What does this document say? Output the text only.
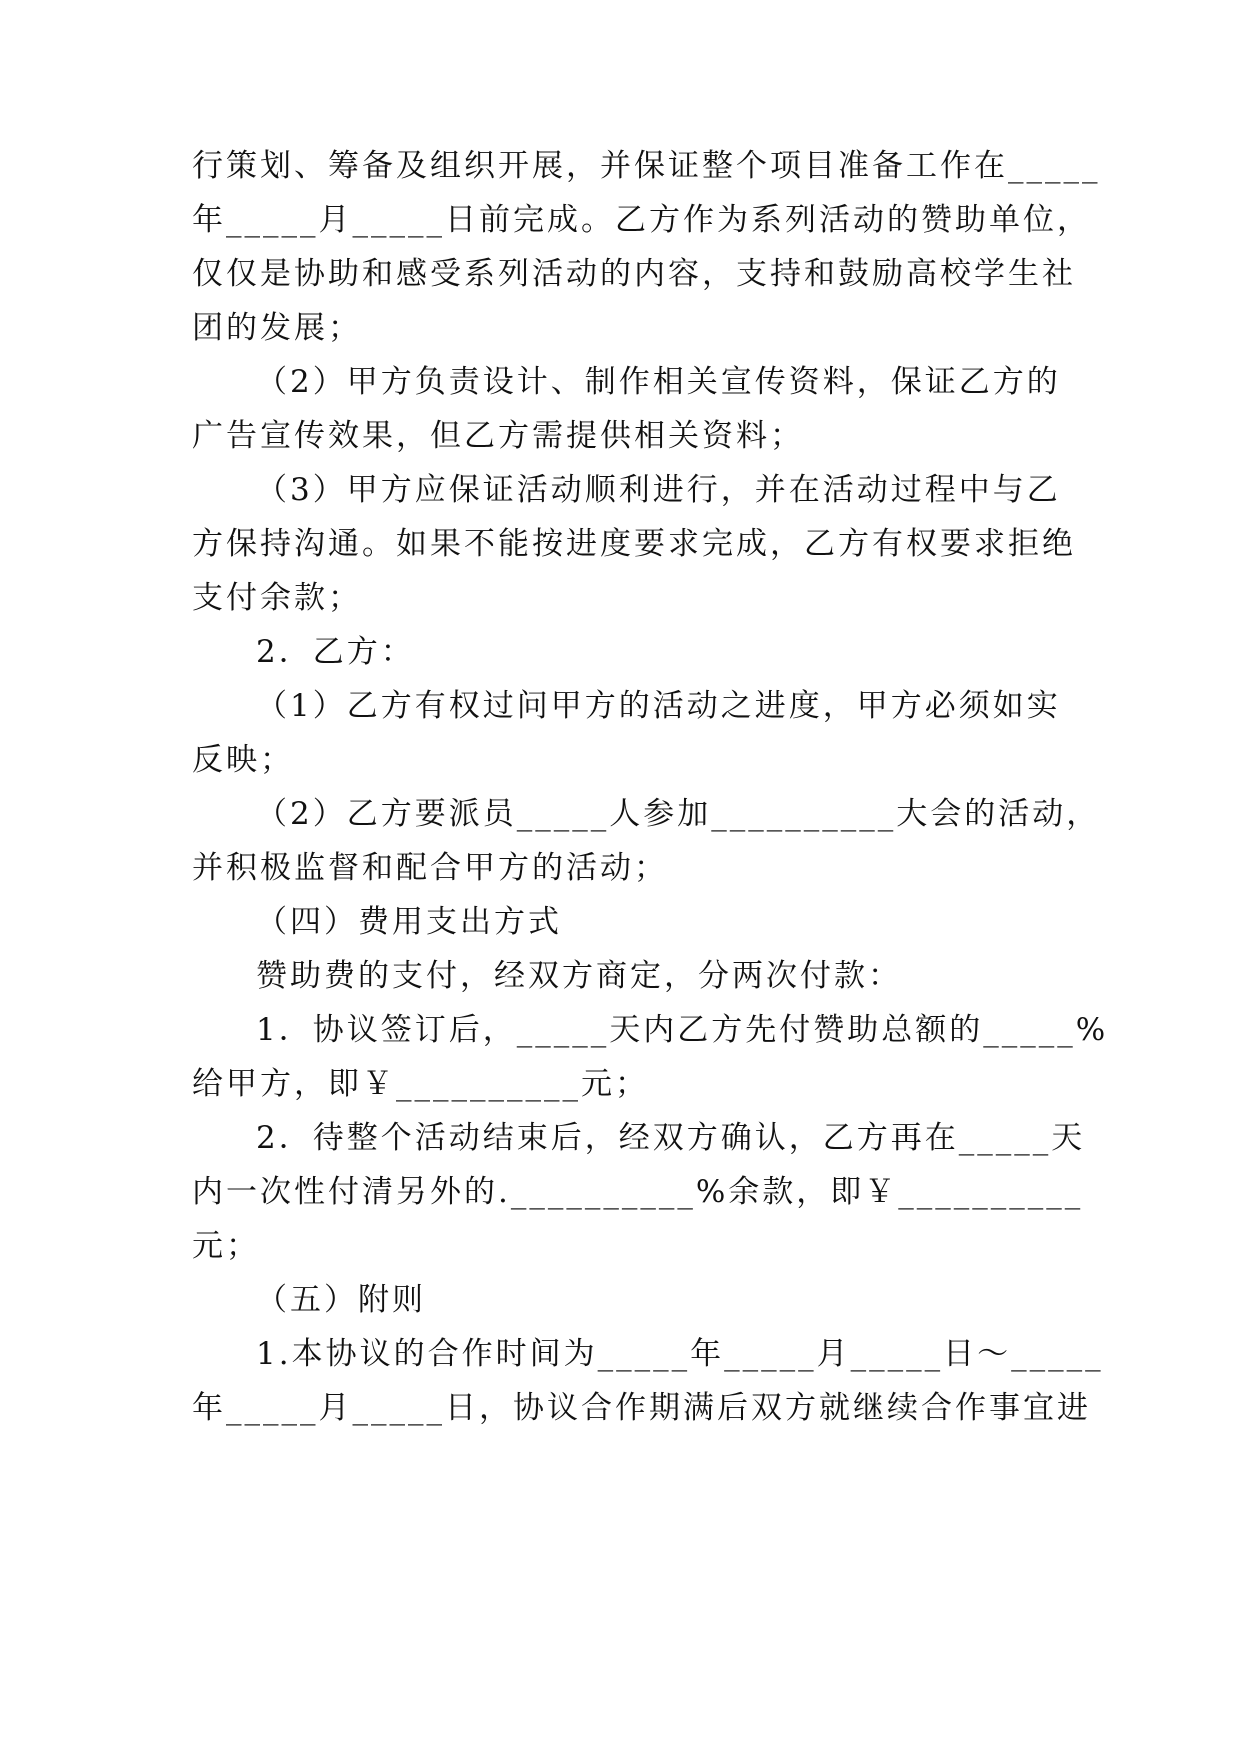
行策划、筹备及组织开展，并保证整个项目准备工作在_____
年_____月_____日前完成。乙方作为系列活动的赞助单位，
仅仅是协助和感受系列活动的内容，支持和鼓励高校学生社
团的发展；
（2）甲方负责设计、制作相关宣传资料，保证乙方的
广告宣传效果，但乙方需提供相关资料；
（3）甲方应保证活动顺利进行，并在活动过程中与乙
方保持沟通。如果不能按进度要求完成，乙方有权要求拒绝
支付余款；
2．乙方：
（1）乙方有权过问甲方的活动之进度，甲方必须如实
反映；
（2）乙方要派员_____人参加__________大会的活动，
并积极监督和配合甲方的活动；
（四）费用支出方式
赞助费的支付，经双方商定，分两次付款：
1．协议签订后，_____天内乙方先付赞助总额的_____%
给甲方，即￥__________元；
2．待整个活动结束后，经双方确认，乙方再在_____天
内一次性付清另外的.__________%余款，即￥__________
元；
（五）附则
1.本协议的合作时间为_____年_____月_____日～_____
年_____月_____日，协议合作期满后双方就继续合作事宜进
